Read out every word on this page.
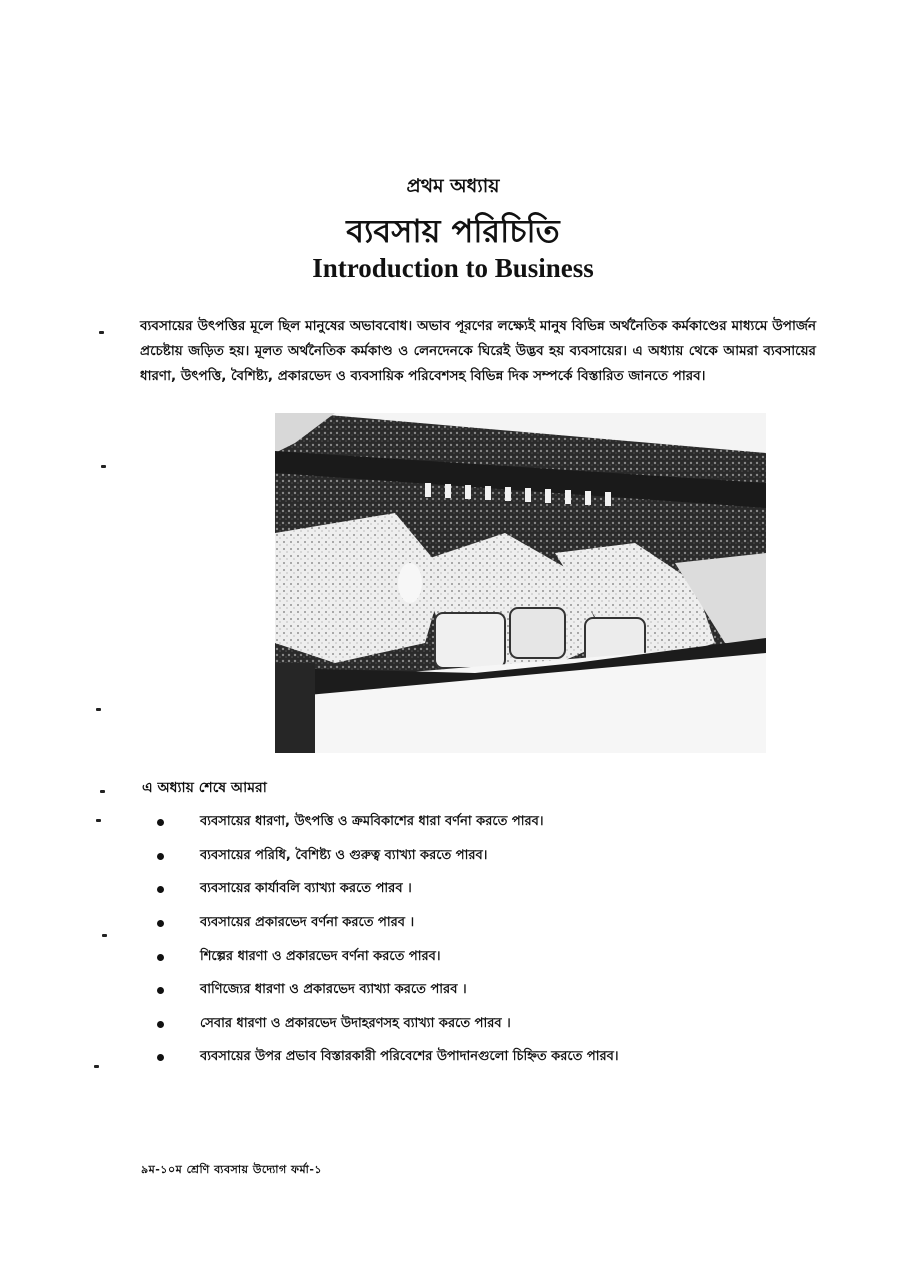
প্রথম অধ্যায়
ব্যবসায় পরিচিতি
Introduction to Business

ব্যবসায়ের উৎপত্তির মূলে ছিল মানুষের অভাববোধ। অভাব পূরণের লক্ষ্যেই মানুষ বিভিন্ন অর্থনৈতিক কর্মকাণ্ডের মাধ্যমে উপার্জন প্রচেষ্টায় জড়িত হয়। মূলত অর্থনৈতিক কর্মকাণ্ড ও লেনদেনকে ঘিরেই উদ্ভব হয় ব্যবসায়ের। এ অধ্যায় থেকে আমরা ব্যবসায়ের ধারণা, উৎপত্তি, বৈশিষ্ট্য, প্রকারভেদ ও ব্যবসায়িক পরিবেশসহ বিভিন্ন দিক সম্পর্কে বিস্তারিত জানতে পারব।

এ অধ্যায় শেষে আমরা
ব্যবসায়ের ধারণা, উৎপত্তি ও ক্রমবিকাশের ধারা বর্ণনা করতে পারব।
ব্যবসায়ের পরিধি, বৈশিষ্ট্য ও গুরুত্ব ব্যাখ্যা করতে পারব।
ব্যবসায়ের কার্যাবলি ব্যাখ্যা করতে পারব ।
ব্যবসায়ের প্রকারভেদ বর্ণনা করতে পারব ।
শিল্পের ধারণা ও প্রকারভেদ বর্ণনা করতে পারব।
বাণিজ্যের ধারণা ও প্রকারভেদ ব্যাখ্যা করতে পারব ।
সেবার ধারণা ও প্রকারভেদ উদাহরণসহ ব্যাখ্যা করতে পারব ।
ব্যবসায়ের উপর প্রভাব বিস্তারকারী পরিবেশের উপাদানগুলো চিহ্নিত করতে পারব।
৯ম-১০ম শ্রেণি ব্যবসায় উদ্যোগ ফর্মা-১
